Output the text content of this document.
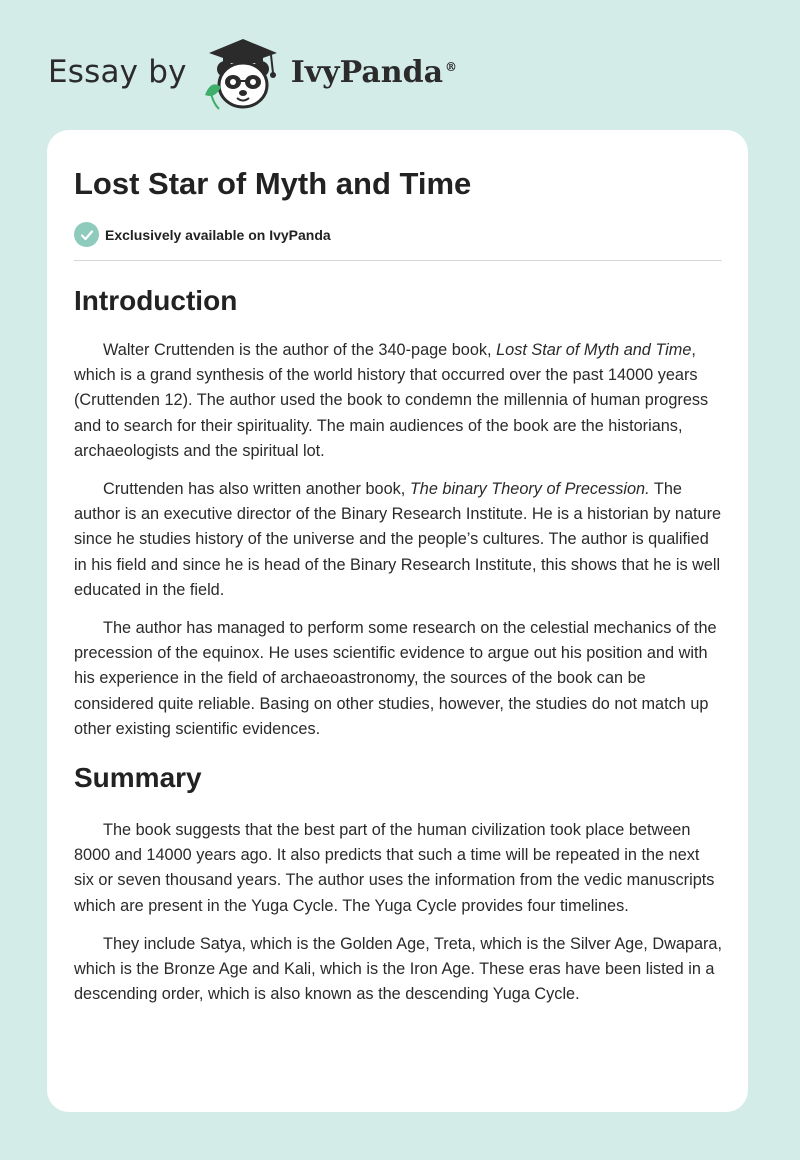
Essay by	IvyPanda ®
Lost Star of Myth and Time
Exclusively available on IvyPanda
Introduction

Walter Cruttenden is the author of the 340-page book, Lost Star of Myth and Time, which is a grand synthesis of the world history that occurred over the past 14000 years (Cruttenden 12). The author used the book to condemn the millennia of human progress and to search for their spirituality. The main audiences of the book are the historians, archaeologists and the spiritual lot.

Cruttenden has also written another book, The binary Theory of Precession. The author is an executive director of the Binary Research Institute. He is a historian by nature since he studies history of the universe and the people’s cultures. The author is qualified in his field and since he is head of the Binary Research Institute, this shows that he is well educated in the field.

The author has managed to perform some research on the celestial mechanics of the precession of the equinox. He uses scientific evidence to argue out his position and with his experience in the field of archaeoastronomy, the sources of the book can be considered quite reliable. Basing on other studies, however, the studies do not match up other existing scientific evidences.

Summary

The book suggests that the best part of the human civilization took place between 8000 and 14000 years ago. It also predicts that such a time will be repeated in the next six or seven thousand years. The author uses the information from the vedic manuscripts which are present in the Yuga Cycle. The Yuga Cycle provides four timelines.

They include Satya, which is the Golden Age, Treta, which is the Silver Age, Dwapara, which is the Bronze Age and Kali, which is the Iron Age. These eras have been listed in a descending order, which is also known as the descending Yuga Cycle.
